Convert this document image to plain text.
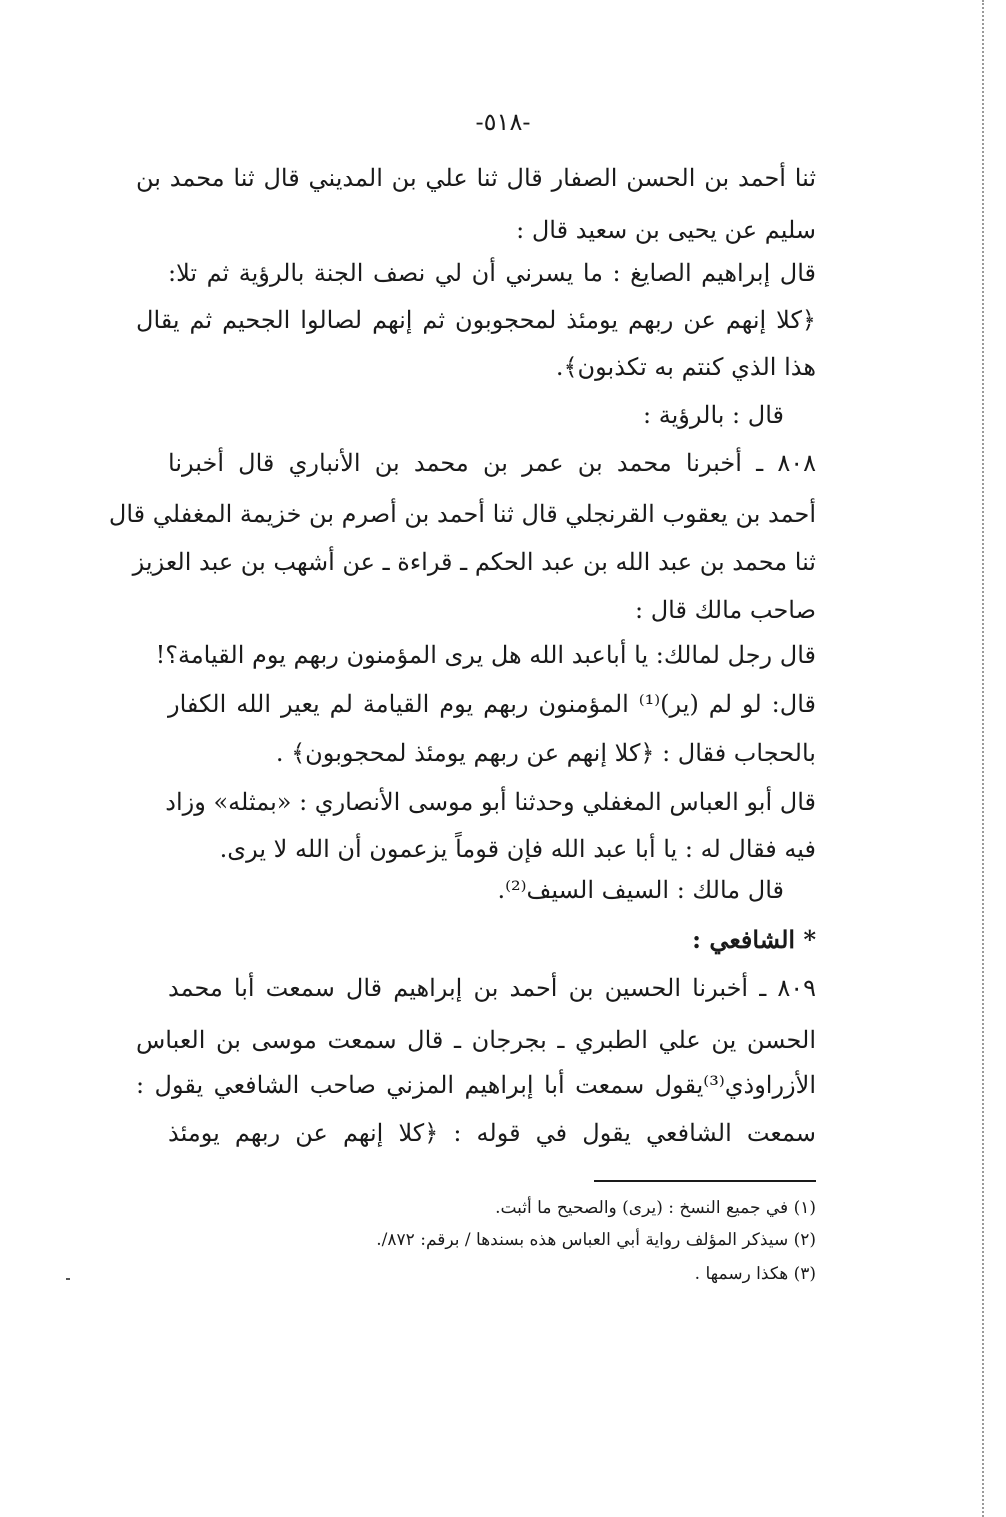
-٥١٨-
ثنا أحمد بن الحسن الصفار قال ثنا علي بن المديني قال ثنا محمد بن
سليم عن يحيى بن سعيد قال :
قال إبراهيم الصايغ : ما يسرني أن لي نصف الجنة بالرؤية ثم تلا:
﴿كلا إنهم عن ربهم يومئذ لمحجوبون ثم إنهم لصالوا الجحيم ثم يقال
هذا الذي كنتم به تكذبون﴾.
قال : بالرؤية :
٨٠٨ ـ أخبرنا محمد بن عمر بن محمد بن الأنباري قال أخبرنا
أحمد بن يعقوب القرنجلي قال ثنا أحمد بن أصرم بن خزيمة المغفلي قال
ثنا محمد بن عبد الله بن عبد الحكم ـ قراءة ـ عن أشهب بن عبد العزيز
صاحب مالك قال :
قال رجل لمالك: يا أباعبد الله هل يرى المؤمنون ربهم يوم القيامة؟!
قال: لو لم (ير)⁽¹⁾ المؤمنون ربهم يوم القيامة لم يعير الله الكفار
بالحجاب فقال : ﴿كلا إنهم عن ربهم يومئذ لمحجوبون﴾ .
قال أبو العباس المغفلي وحدثنا أبو موسى الأنصاري : «بمثله» وزاد
فيه فقال له : يا أبا عبد الله فإن قوماً يزعمون أن الله لا يرى.
قال مالك : السيف السيف⁽²⁾.
* الشافعي :
٨٠٩ ـ أخبرنا الحسين بن أحمد بن إبراهيم قال سمعت أبا محمد
الحسن ين علي الطبري ـ بجرجان ـ قال سمعت موسى بن العباس
الأزراوذي⁽³⁾يقول سمعت أبا إبراهيم المزني صاحب الشافعي يقول :
سمعت الشافعي يقول في قوله : ﴿كلا إنهم عن ربهم يومئذ
(١) في جميع النسخ : (يرى) والصحيح ما أثبت.
(٢) سيذكر المؤلف رواية أبي العباس هذه بسندها / برقم: ٨٧٢/.
(٣) هكذا رسمها .
